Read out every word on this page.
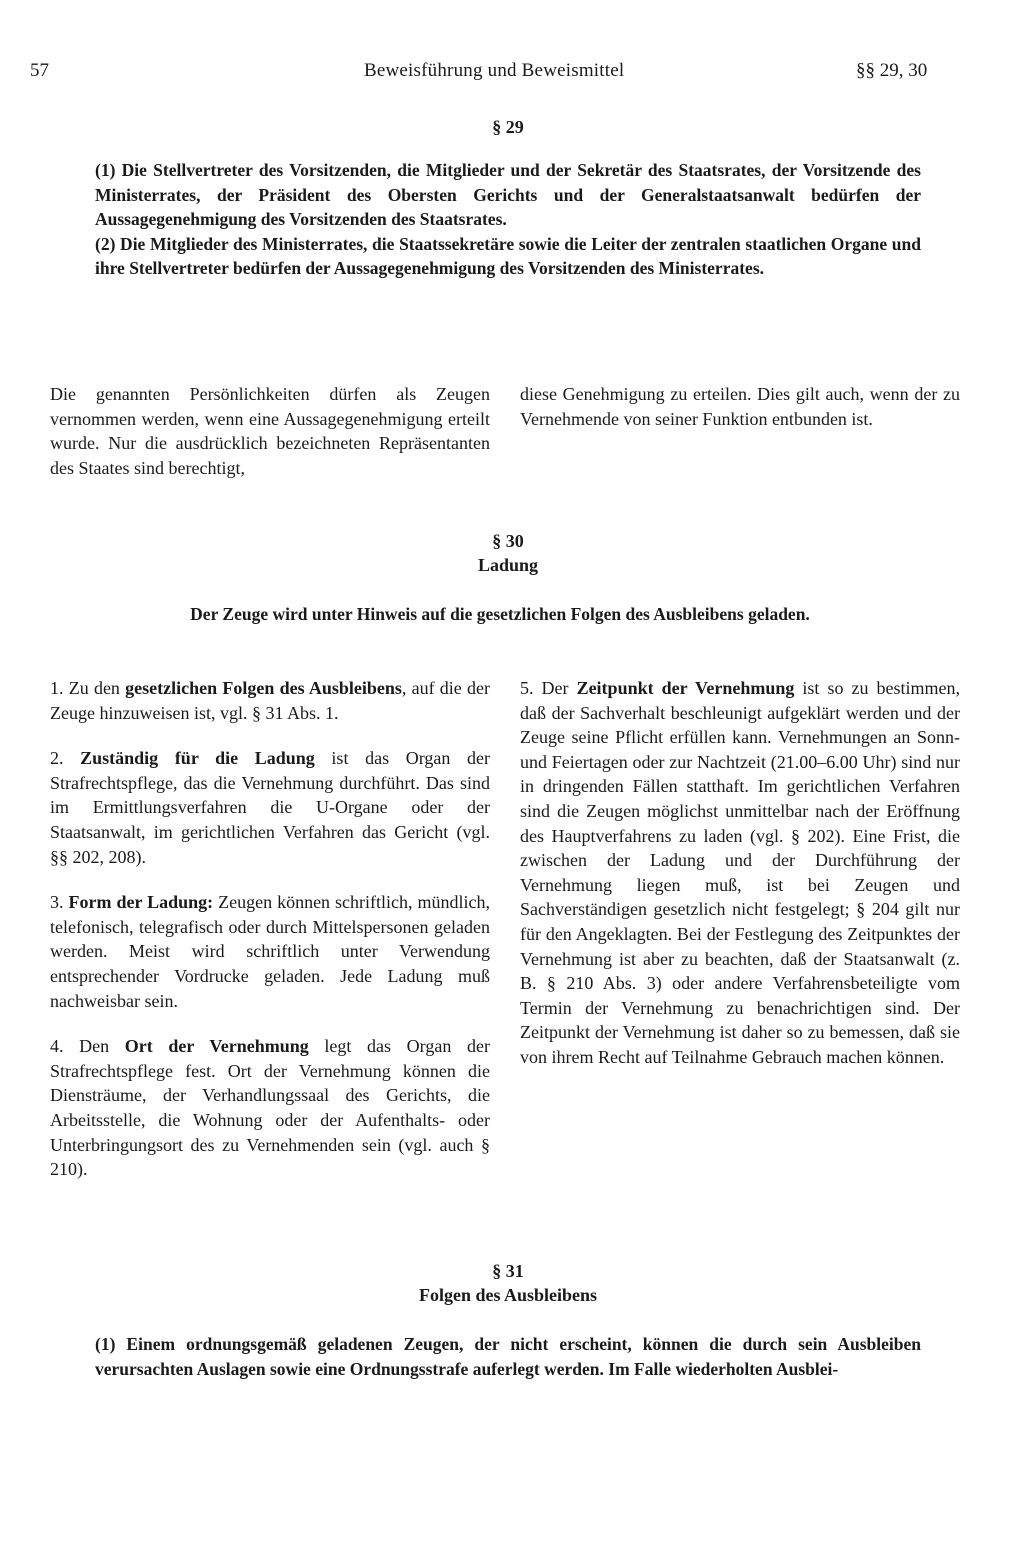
57	Beweisführung und Beweismittel	§§ 29, 30
§ 29

(1) Die Stellvertreter des Vorsitzenden, die Mitglieder und der Sekretär des Staatsrates, der Vorsitzende des Ministerrates, der Präsident des Obersten Gerichts und der Generalstaatsanwalt bedürfen der Aussagegenehmigung des Vorsitzenden des Staatsrates.

(2) Die Mitglieder des Ministerrates, die Staatssekretäre sowie die Leiter der zentralen staatlichen Organe und ihre Stellvertreter bedürfen der Aussagegenehmigung des Vorsitzenden des Ministerrates.

Die genannten Persönlichkeiten dürfen als Zeugen vernommen werden, wenn eine Aussagegenehmigung erteilt wurde. Nur die ausdrücklich bezeichneten Repräsentanten des Staates sind berechtigt,

diese Genehmigung zu erteilen. Dies gilt auch, wenn der zu Vernehmende von seiner Funktion entbunden ist.

§ 30
Ladung
Der Zeuge wird unter Hinweis auf die gesetzlichen Folgen des Ausbleibens geladen.

1. Zu den gesetzlichen Folgen des Ausbleibens, auf die der Zeuge hinzuweisen ist, vgl. § 31 Abs. 1.

2. Zuständig für die Ladung ist das Organ der Strafrechtspflege, das die Vernehmung durchführt. Das sind im Ermittlungsverfahren die U-Organe oder der Staatsanwalt, im gerichtlichen Verfahren das Gericht (vgl. §§ 202, 208).

3. Form der Ladung: Zeugen können schriftlich, mündlich, telefonisch, telegrafisch oder durch Mittelspersonen geladen werden. Meist wird schriftlich unter Verwendung entsprechender Vordrucke geladen. Jede Ladung muß nachweisbar sein.

4. Den Ort der Vernehmung legt das Organ der Strafrechtspflege fest. Ort der Vernehmung können die Diensträume, der Verhandlungssaal des Gerichts, die Arbeitsstelle, die Wohnung oder der Aufenthalts- oder Unterbringungsort des zu Vernehmenden sein (vgl. auch § 210).

5. Der Zeitpunkt der Vernehmung ist so zu bestimmen, daß der Sachverhalt beschleunigt aufgeklärt werden und der Zeuge seine Pflicht erfüllen kann. Vernehmungen an Sonn- und Feiertagen oder zur Nachtzeit (21.00–6.00 Uhr) sind nur in dringenden Fällen statthaft. Im gerichtlichen Verfahren sind die Zeugen möglichst unmittelbar nach der Eröffnung des Hauptverfahrens zu laden (vgl. § 202). Eine Frist, die zwischen der Ladung und der Durchführung der Vernehmung liegen muß, ist bei Zeugen und Sachverständigen gesetzlich nicht festgelegt; § 204 gilt nur für den Angeklagten. Bei der Festlegung des Zeitpunktes der Vernehmung ist aber zu beachten, daß der Staatsanwalt (z. B. § 210 Abs. 3) oder andere Verfahrensbeteiligte vom Termin der Vernehmung zu benachrichtigen sind. Der Zeitpunkt der Vernehmung ist daher so zu bemessen, daß sie von ihrem Recht auf Teilnahme Gebrauch machen können.

§ 31
Folgen des Ausbleibens
(1) Einem ordnungsgemäß geladenen Zeugen, der nicht erscheint, können die durch sein Ausbleiben verursachten Auslagen sowie eine Ordnungsstrafe auferlegt werden. Im Falle wiederholten Ausblei-
